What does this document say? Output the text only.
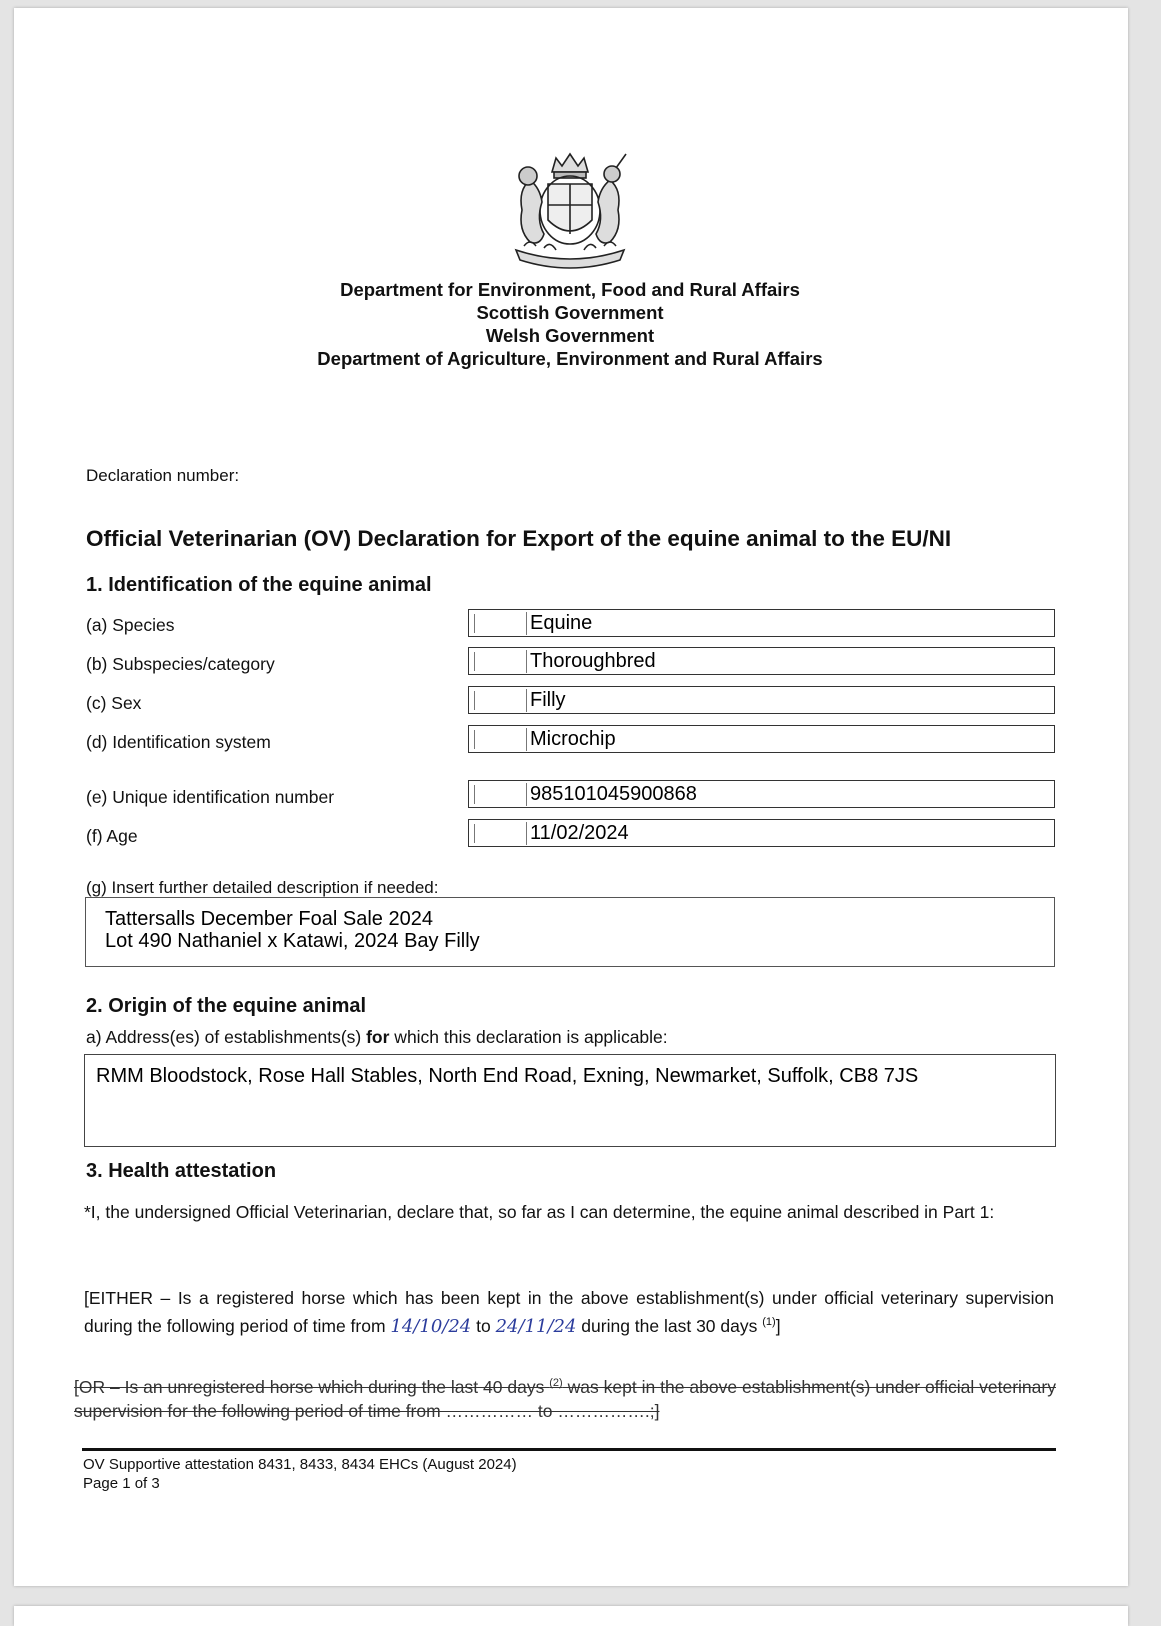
Department for Environment, Food and Rural Affairs
Scottish Government
Welsh Government
Department of Agriculture, Environment and Rural Affairs
Declaration number:
Official Veterinarian (OV) Declaration for Export of the equine animal to the EU/NI
1. Identification of the equine animal
(a) Species	Equine
(b) Subspecies/category	Thoroughbred
(c) Sex	Filly
(d) Identification system	Microchip
(e) Unique identification number	985101045900868
(f) Age	11/02/2024
(g) Insert further detailed description if needed:
Tattersalls December Foal Sale 2024
Lot 490 Nathaniel x Katawi, 2024 Bay Filly
2. Origin of the equine animal
a) Address(es) of establishments(s) for which this declaration is applicable:
RMM Bloodstock, Rose Hall Stables, North End Road, Exning, Newmarket, Suffolk, CB8 7JS
3. Health attestation
*I, the undersigned Official Veterinarian, declare that, so far as I can determine, the equine animal described in Part 1:
[EITHER – Is a registered horse which has been kept in the above establishment(s) under official veterinary supervision during the following period of time from 14/10/24 to 24/11/24 during the last 30 days $^{(1)}$]
[OR – Is an unregistered horse which during the last 40 days $^{(2)}$ was kept in the above establishment(s) under official veterinary supervision for the following period of time from …………… to …………….;]
OV Supportive attestation 8431, 8433, 8434 EHCs (August 2024)
Page 1 of 3
